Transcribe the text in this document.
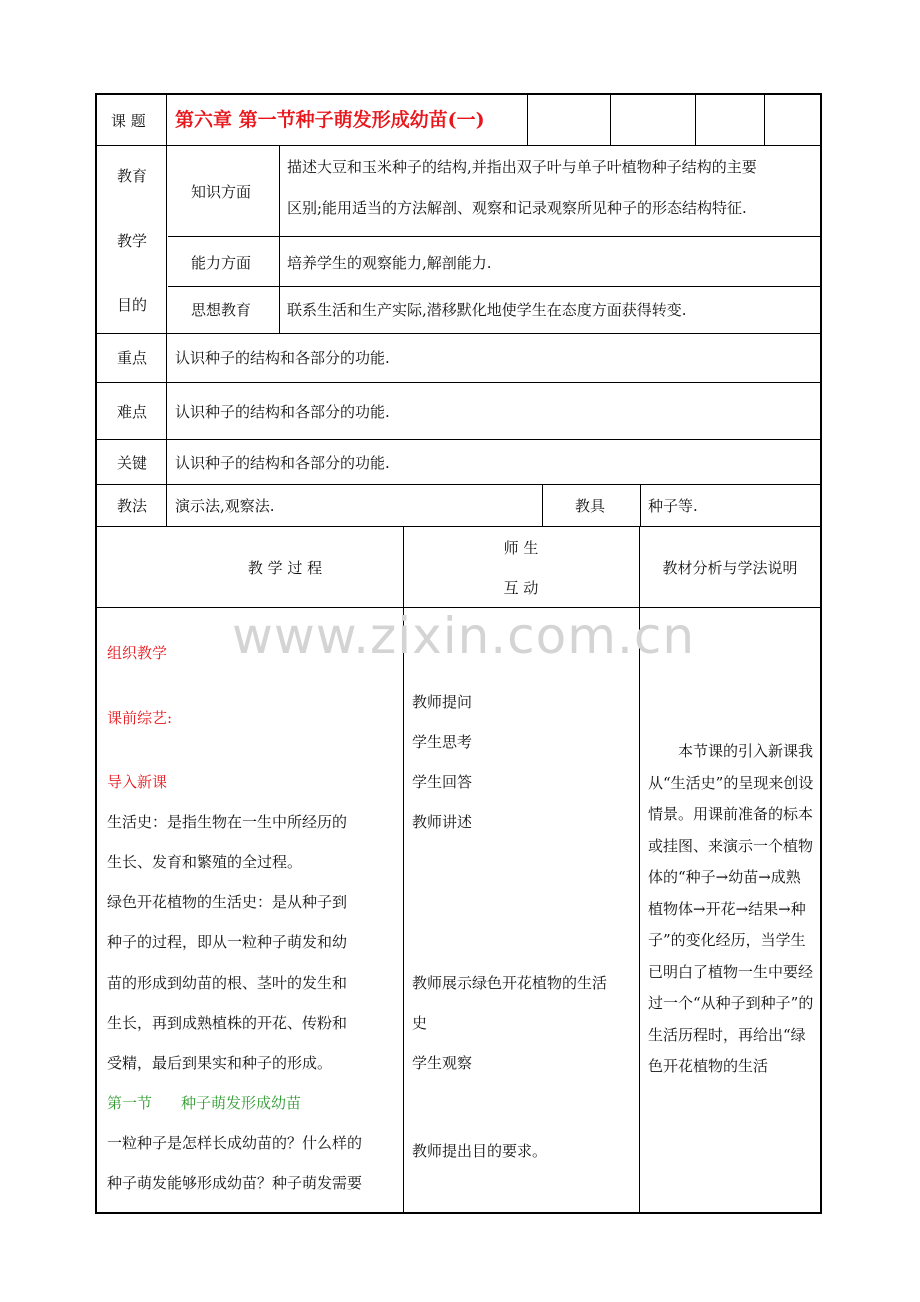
www.zixin.com.cn
课 题 第六章 第一节种子萌发形成幼苗(一)
教育
教学
目的
知识方面
描述大豆和玉米种子的结构,并指出双子叶与单子叶植物种子结构的主要
区别;能用适当的方法解剖、观察和记录观察所见种子的形态结构特征.
能力方面 培养学生的观察能力,解剖能力.
思想教育 联系生活和生产实际,潜移默化地使学生在态度方面获得转变.
重点 认识种子的结构和各部分的功能.
难点 认识种子的结构和各部分的功能.
关键 认识种子的结构和各部分的功能.
教法 演示法,观察法.	教具	种子等.
教 学 过 程
师 生
互 动
教材分析与学法说明
组织教学
课前综艺:
导入新课
生活史：是指生物在一生中所经历的
生长、发育和繁殖的全过程。
绿色开花植物的生活史：是从种子到
种子的过程，即从一粒种子萌发和幼
苗的形成到幼苗的根、茎叶的发生和
生长，再到成熟植株的开花、传粉和
受精，最后到果实和种子的形成。
第一节 种子萌发形成幼苗
一粒种子是怎样长成幼苗的？什么样的
种子萌发能够形成幼苗？种子萌发需要
教师提问
学生思考
学生回答
教师讲述
教师展示绿色开花植物的生活
史
学生观察
教师提出目的要求。
本节课的引入新课我从“生活史”的呈现来创设情景。用课前准备的标本或挂图、来演示一个植物体的“种子→幼苗→成熟植物体→开花→结果→种子”的变化经历，当学生已明白了植物一生中要经过一个“从种子到种子”的生活历程时，再给出“绿色开花植物的生活
